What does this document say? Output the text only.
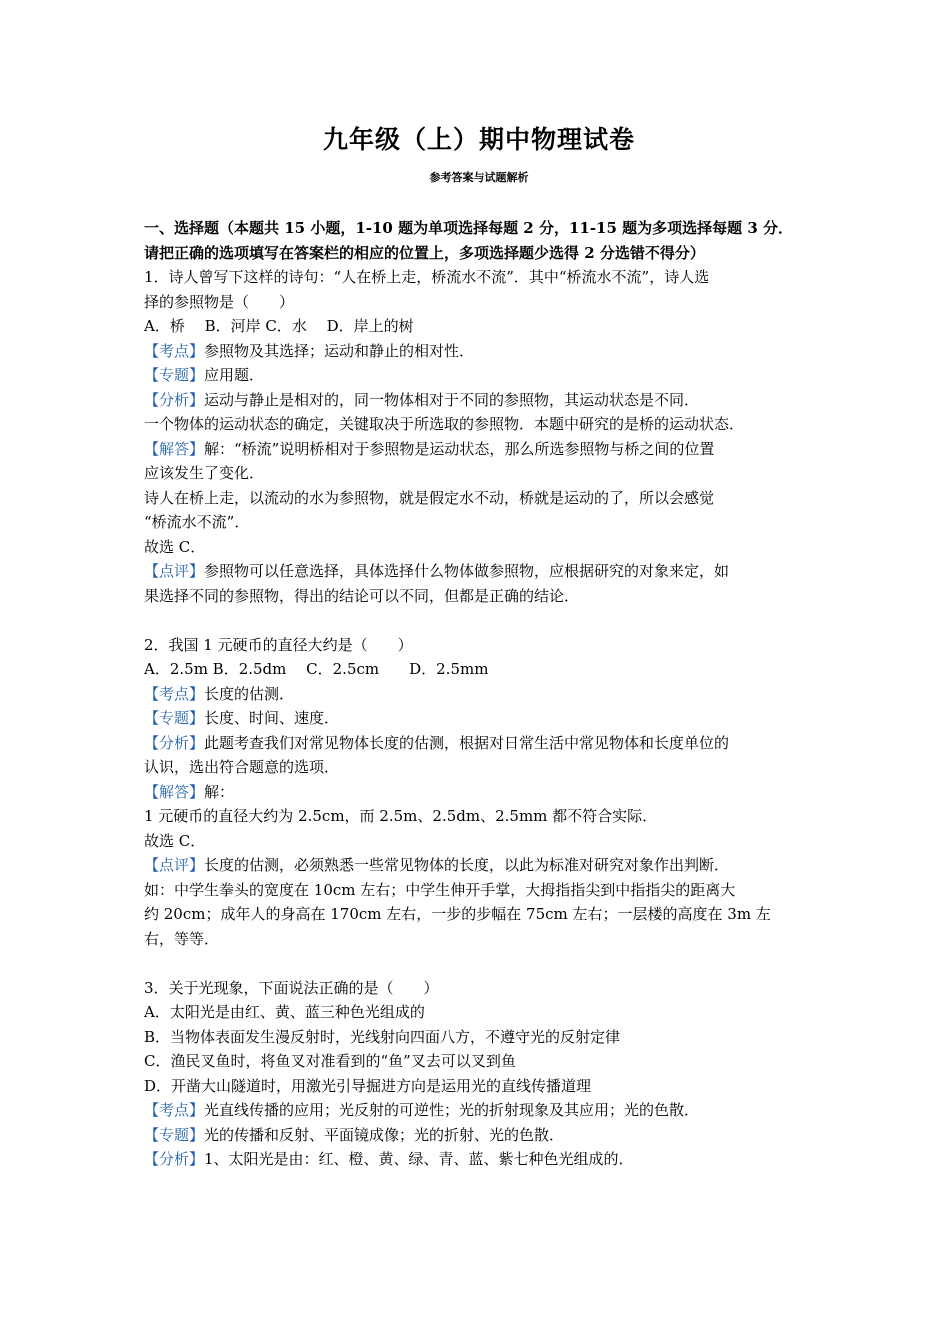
九年级（上）期中物理试卷
参考答案与试题解析
一、选择题（本题共 15 小题，1-10 题为单项选择每题 2 分，11-15 题为多项选择每题 3 分．
请把正确的选项填写在答案栏的相应的位置上，多项选择题少选得 2 分选错不得分）
1．诗人曾写下这样的诗句：“人在桥上走，桥流水不流”．其中“桥流水不流”，诗人选
择的参照物是（　　）
A．桥　 B．河岸 C．水　 D．岸上的树
【考点】参照物及其选择；运动和静止的相对性．
【专题】应用题．
【分析】运动与静止是相对的，同一物体相对于不同的参照物，其运动状态是不同．
一个物体的运动状态的确定，关键取决于所选取的参照物．本题中研究的是桥的运动状态．
【解答】解：“桥流”说明桥相对于参照物是运动状态，那么所选参照物与桥之间的位置
应该发生了变化．
诗人在桥上走，以流动的水为参照物，就是假定水不动，桥就是运动的了，所以会感觉
“桥流水不流”．
故选 C．
【点评】参照物可以任意选择，具体选择什么物体做参照物，应根据研究的对象来定，如
果选择不同的参照物，得出的结论可以不同，但都是正确的结论．
2．我国 1 元硬币的直径大约是（　　）
A．2.5m B．2.5dm　 C．2.5cm　　D．2.5mm
【考点】长度的估测．
【专题】长度、时间、速度．
【分析】此题考查我们对常见物体长度的估测，根据对日常生活中常见物体和长度单位的
认识，选出符合题意的选项．
【解答】解：
1 元硬币的直径大约为 2.5cm，而 2.5m、2.5dm、2.5mm 都不符合实际．
故选 C．
【点评】长度的估测，必须熟悉一些常见物体的长度，以此为标准对研究对象作出判断．
如：中学生拳头的宽度在 10cm 左右；中学生伸开手掌，大拇指指尖到中指指尖的距离大
约 20cm；成年人的身高在 170cm 左右，一步的步幅在 75cm 左右；一层楼的高度在 3m 左
右，等等．
3．关于光现象，下面说法正确的是（　　）
A．太阳光是由红、黄、蓝三种色光组成的
B．当物体表面发生漫反射时，光线射向四面八方，不遵守光的反射定律
C．渔民叉鱼时，将鱼叉对准看到的“鱼”叉去可以叉到鱼
D．开凿大山隧道时，用激光引导掘进方向是运用光的直线传播道理
【考点】光直线传播的应用；光反射的可逆性；光的折射现象及其应用；光的色散．
【专题】光的传播和反射、平面镜成像；光的折射、光的色散．
【分析】1、太阳光是由：红、橙、黄、绿、青、蓝、紫七种色光组成的．
